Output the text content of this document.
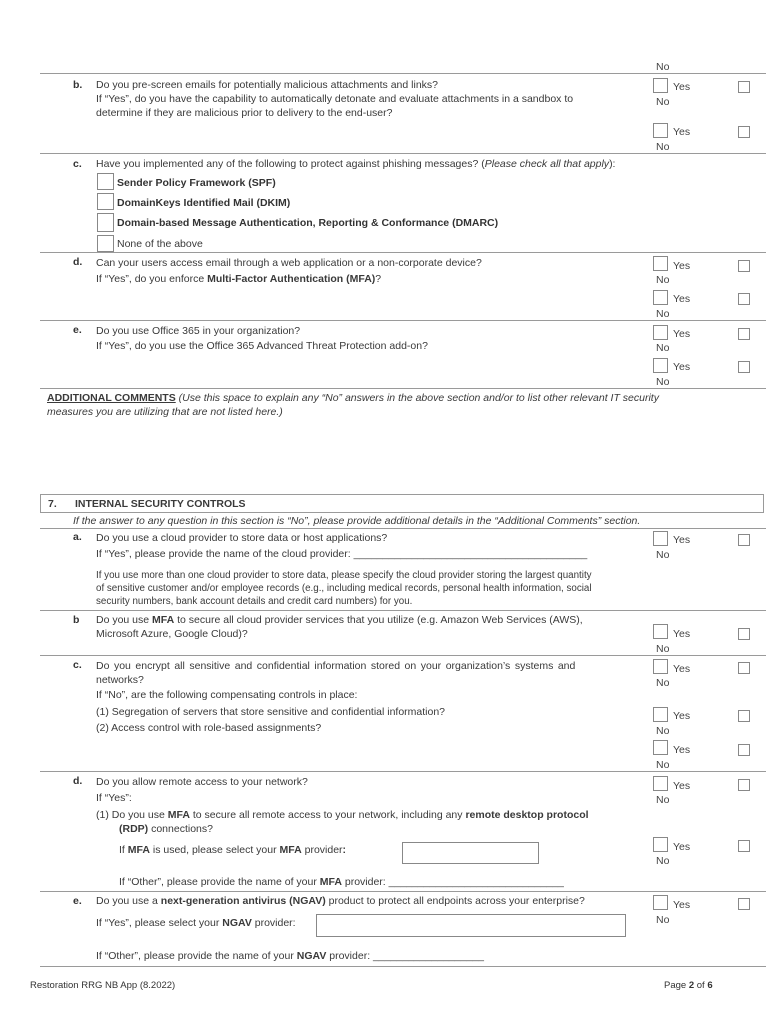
No
b. Do you pre-screen emails for potentially malicious attachments and links?
If “Yes”, do you have the capability to automatically detonate and evaluate attachments in a sandbox to
determine if they are malicious prior to delivery to the end-user?
Yes
No
Yes
No
c. Have you implemented any of the following to protect against phishing messages? (Please check all that apply):
Sender Policy Framework (SPF)
DomainKeys Identified Mail (DKIM)
Domain-based Message Authentication, Reporting & Conformance (DMARC)
None of the above
d. Can your users access email through a web application or a non-corporate device?
If “Yes”, do you enforce Multi-Factor Authentication (MFA)?
Yes
No
Yes
No
e. Do you use Office 365 in your organization?
If “Yes”, do you use the Office 365 Advanced Threat Protection add-on?
Yes
No
Yes
No
ADDITIONAL COMMENTS (Use this space to explain any “No” answers in the above section and/or to list other relevant IT security
measures you are utilizing that are not listed here.)
7. INTERNAL SECURITY CONTROLS
If the answer to any question in this section is “No”, please provide additional details in the “Additional Comments” section.
a. Do you use a cloud provider to store data or host applications?
If “Yes”, please provide the name of the cloud provider: ________________________________________
If you use more than one cloud provider to store data, please specify the cloud provider storing the largest quantity
of sensitive customer and/or employee records (e.g., including medical records, personal health information, social
security numbers, bank account details and credit card numbers) for you.
Yes
No
b Do you use MFA to secure all cloud provider services that you utilize (e.g. Amazon Web Services (AWS),
Microsoft Azure, Google Cloud)?	Yes
No
c. Do you encrypt all sensitive and confidential information stored on your organization’s systems and
networks?
If “No”, are the following compensating controls in place:
(1) Segregation of servers that store sensitive and confidential information?
(2) Access control with role-based assignments?
Yes
No
Yes
No
Yes
No
d. Do you allow remote access to your network?
If “Yes”:
(1) Do you use MFA to secure all remote access to your network, including any remote desktop protocol
(RDP) connections?
If MFA is used, please select your MFA provider:
If “Other”, please provide the name of your MFA provider: ______________________________
Yes
No
Yes
No
e. Do you use a next-generation antivirus (NGAV) product to protect all endpoints across your enterprise?
If “Yes”, please select your NGAV provider:
If “Other”, please provide the name of your NGAV provider: ___________________
Yes
No
Restoration RRG NB App (8.2022)	Page 2 of 6
